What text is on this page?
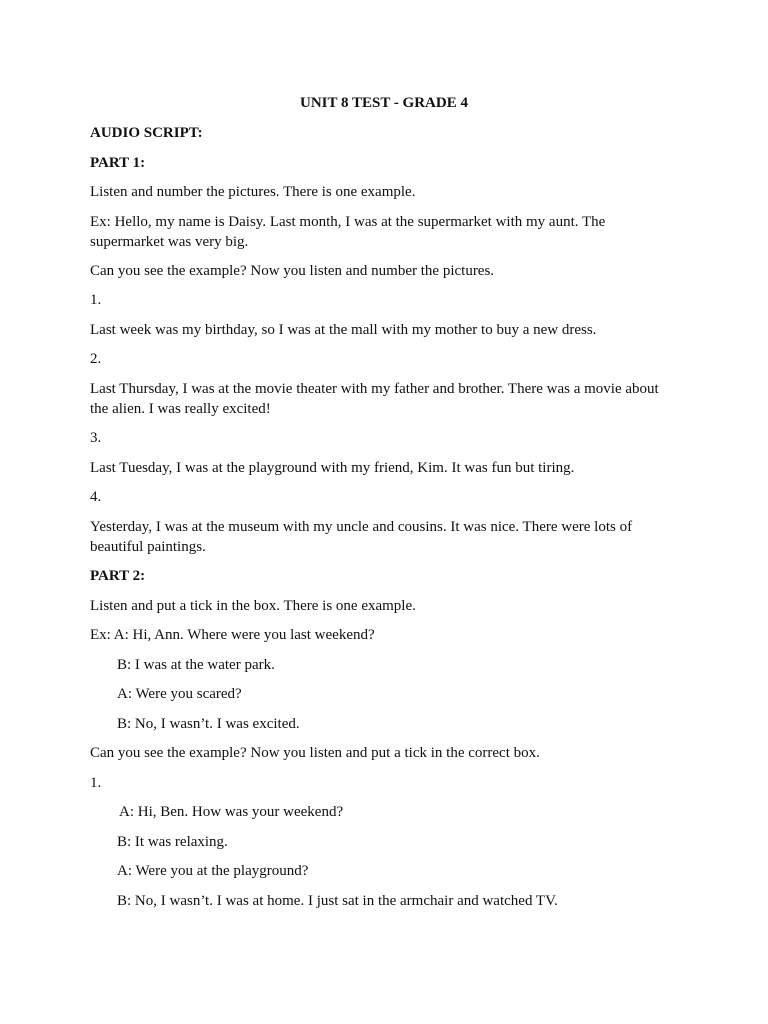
UNIT 8 TEST - GRADE 4

AUDIO SCRIPT:

PART 1:

Listen and number the pictures. There is one example.

Ex: Hello, my name is Daisy. Last month, I was at the supermarket with my aunt. The supermarket was very big.

Can you see the example? Now you listen and number the pictures.

1.

Last week was my birthday, so I was at the mall with my mother to buy a new dress.

2.

Last Thursday, I was at the movie theater with my father and brother. There was a movie about the alien. I was really excited!

3.

Last Tuesday, I was at the playground with my friend, Kim. It was fun but tiring.

4.

Yesterday, I was at the museum with my uncle and cousins. It was nice. There were lots of beautiful paintings.

PART 2:

Listen and put a tick in the box. There is one example.

Ex: A: Hi, Ann. Where were you last weekend?

B: I was at the water park.

A: Were you scared?

B: No, I wasn’t. I was excited.

Can you see the example? Now you listen and put a tick in the correct box.

1.

A: Hi, Ben. How was your weekend?

B: It was relaxing.

A: Were you at the playground?

B: No, I wasn’t. I was at home. I just sat in the armchair and watched TV.
